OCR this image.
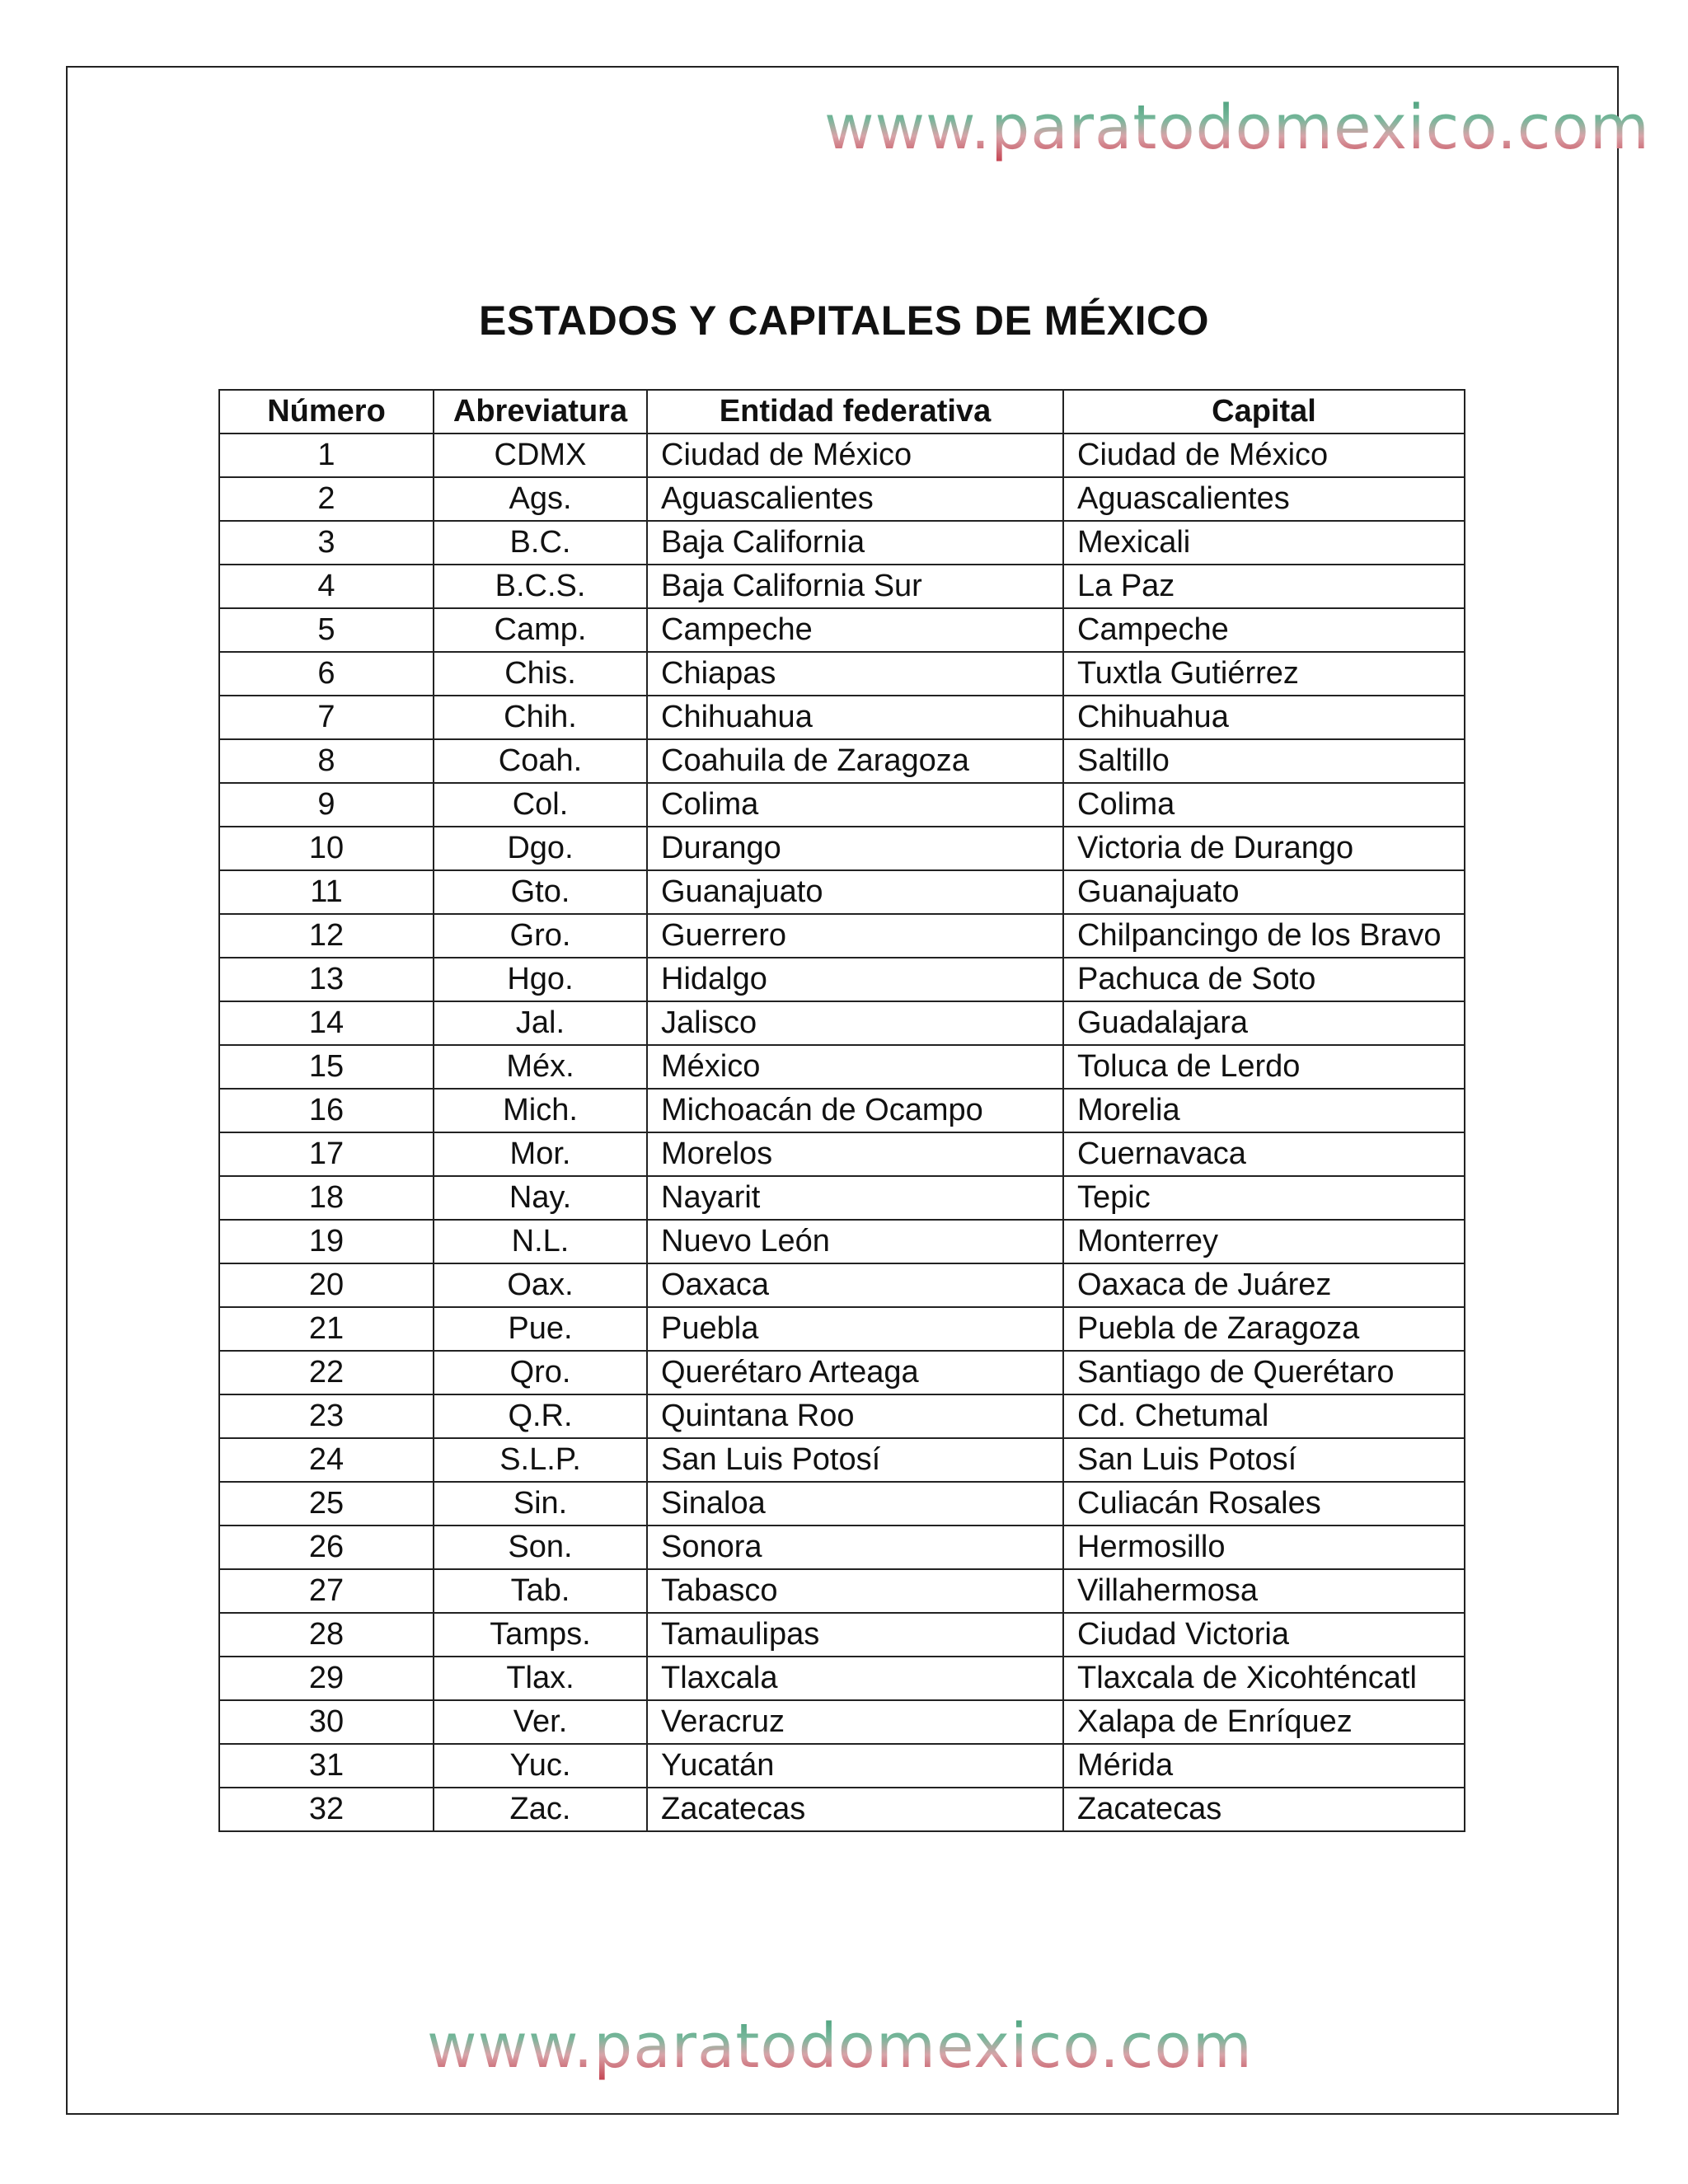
www.paratodomexico.com
ESTADOS Y CAPITALES DE MÉXICO
Número	Abreviatura	Entidad federativa	Capital
1	CDMX	Ciudad de México	Ciudad de México
2	Ags.	Aguascalientes	Aguascalientes
3	B.C.	Baja California	Mexicali
4	B.C.S.	Baja California Sur	La Paz
5	Camp.	Campeche	Campeche
6	Chis.	Chiapas	Tuxtla Gutiérrez
7	Chih.	Chihuahua	Chihuahua
8	Coah.	Coahuila de Zaragoza	Saltillo
9	Col.	Colima	Colima
10	Dgo.	Durango	Victoria de Durango
11	Gto.	Guanajuato	Guanajuato
12	Gro.	Guerrero	Chilpancingo de los Bravo
13	Hgo.	Hidalgo	Pachuca de Soto
14	Jal.	Jalisco	Guadalajara
15	Méx.	México	Toluca de Lerdo
16	Mich.	Michoacán de Ocampo	Morelia
17	Mor.	Morelos	Cuernavaca
18	Nay.	Nayarit	Tepic
19	N.L.	Nuevo León	Monterrey
20	Oax.	Oaxaca	Oaxaca de Juárez
21	Pue.	Puebla	Puebla de Zaragoza
22	Qro.	Querétaro Arteaga	Santiago de Querétaro
23	Q.R.	Quintana Roo	Cd. Chetumal
24	S.L.P.	San Luis Potosí	San Luis Potosí
25	Sin.	Sinaloa	Culiacán Rosales
26	Son.	Sonora	Hermosillo
27	Tab.	Tabasco	Villahermosa
28	Tamps.	Tamaulipas	Ciudad Victoria
29	Tlax.	Tlaxcala	Tlaxcala de Xicohténcatl
30	Ver.	Veracruz	Xalapa de Enríquez
31	Yuc.	Yucatán	Mérida
32	Zac.	Zacatecas	Zacatecas
www.paratodomexico.com
